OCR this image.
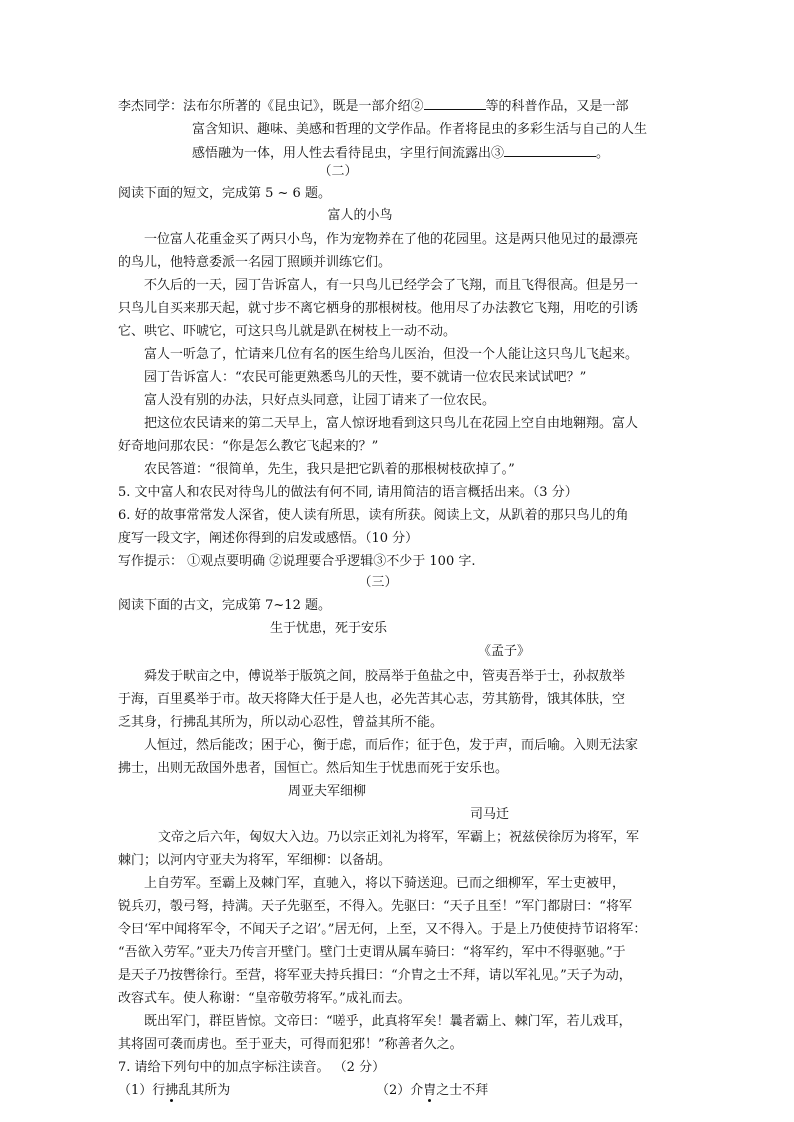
李杰同学：法布尔所著的《昆虫记》，既是一部介绍②	等的科普作品，又是一部
富含知识、趣味、美感和哲理的文学作品。作者将昆虫的多彩生活与自己的人生
感悟融为一体，用人性去看待昆虫，字里行间流露出③	。
（二）
阅读下面的短文，完成第 5 ~ 6 题。
富人的小鸟
一位富人花重金买了两只小鸟，作为宠物养在了他的花园里。这是两只他见过的最漂亮
的鸟儿，他特意委派一名园丁照顾并训练它们。
不久后的一天，园丁告诉富人，有一只鸟儿已经学会了飞翔，而且飞得很高。但是另一
只鸟儿自买来那天起，就寸步不离它栖身的那根树枝。他用尽了办法教它飞翔，用吃的引诱
它、哄它、吓唬它，可这只鸟儿就是趴在树枝上一动不动。
富人一听急了，忙请来几位有名的医生给鸟儿医治，但没一个人能让这只鸟儿飞起来。
园丁告诉富人：“农民可能更熟悉鸟儿的天性，要不就请一位农民来试试吧？”
富人没有别的办法，只好点头同意，让园丁请来了一位农民。
把这位农民请来的第二天早上，富人惊讶地看到这只鸟儿在花园上空自由地翱翔。富人
好奇地问那农民：“你是怎么教它飞起来的？”
农民答道：“很简单，先生，我只是把它趴着的那根树枝砍掉了。”
5. 文中富人和农民对待鸟儿的做法有何不同, 请用简洁的语言概括出来。（3 分）
6. 好的故事常常发人深省，使人读有所思，读有所获。阅读上文，从趴着的那只鸟儿的角
度写一段文字，阐述你得到的启发或感悟。（10 分）
写作提示： ①观点要明确 ②说理要合乎逻辑③不少于 100 字.
（三）
阅读下面的古文，完成第 7~12 题。
生于忧患，死于安乐
《孟子》
舜发于畎亩之中，傅说举于版筑之间，胶鬲举于鱼盐之中，管夷吾举于士，孙叔敖举
于海，百里奚举于市。故天将降大任于是人也，必先苦其心志，劳其筋骨，饿其体肤，空
乏其身，行拂乱其所为，所以动心忍性，曾益其所不能。
人恒过，然后能改；困于心，衡于虑，而后作；征于色，发于声，而后喻。入则无法家
拂士，出则无敌国外患者，国恒亡。然后知生于忧患而死于安乐也。
周亚夫军细柳
司马迁
文帝之后六年，匈奴大入边。乃以宗正刘礼为将军，军霸上；祝兹侯徐厉为将军，军
棘门；以河内守亚夫为将军，军细柳：以备胡。
上自劳军。至霸上及棘门军，直驰入，将以下骑送迎。已而之细柳军，军士吏被甲，
锐兵刃，彀弓弩，持满。天子先驱至，不得入。先驱曰：“天子且至！”军门都尉曰：“将军
令曰‘军中闻将军令，不闻天子之诏’。”居无何，上至，又不得入。于是上乃使使持节诏将军：
“吾欲入劳军。”亚夫乃传言开壁门。壁门士吏谓从属车骑曰：“将军约，军中不得驱驰。”于
是天子乃按辔徐行。至营，将军亚夫持兵揖曰：“介胄之士不拜，请以军礼见。”天子为动，
改容式车。使人称谢：“皇帝敬劳将军。”成礼而去。
既出军门，群臣皆惊。文帝曰：“嗟乎，此真将军矣！曩者霸上、棘门军，若儿戏耳，
其将固可袭而虏也。至于亚夫，可得而犯邪！”称善者久之。
7. 请给下列句中的加点字标注读音。 （2 分）
（1）行拂乱其所为	（2）介胄之士不拜
